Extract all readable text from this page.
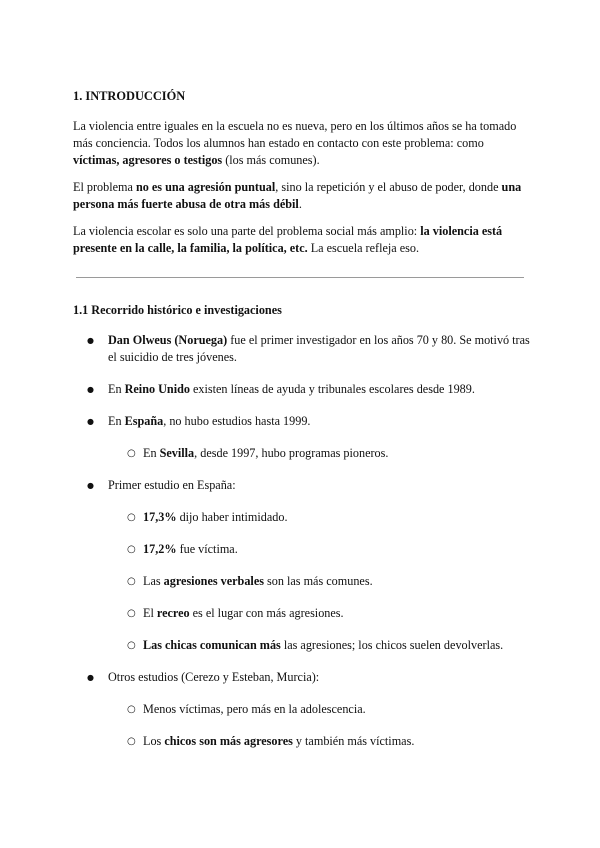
1. INTRODUCCIÓN

La violencia entre iguales en la escuela no es nueva, pero en los últimos años se ha tomado más conciencia. Todos los alumnos han estado en contacto con este problema: como víctimas, agresores o testigos (los más comunes).

El problema no es una agresión puntual, sino la repetición y el abuso de poder, donde una persona más fuerte abusa de otra más débil.

La violencia escolar es solo una parte del problema social más amplio: la violencia está presente en la calle, la familia, la política, etc. La escuela refleja eso.

1.1 Recorrido histórico e investigaciones
● Dan Olweus (Noruega) fue el primer investigador en los años 70 y 80. Se motivó tras el suicidio de tres jóvenes.
● En Reino Unido existen líneas de ayuda y tribunales escolares desde 1989.
● En España, no hubo estudios hasta 1999.
○ En Sevilla, desde 1997, hubo programas pioneros.
● Primer estudio en España:
○ 17,3% dijo haber intimidado.
○ 17,2% fue víctima.
○ Las agresiones verbales son las más comunes.
○ El recreo es el lugar con más agresiones.
○ Las chicas comunican más las agresiones; los chicos suelen devolverlas.
● Otros estudios (Cerezo y Esteban, Murcia):
○ Menos víctimas, pero más en la adolescencia.
○ Los chicos son más agresores y también más víctimas.
